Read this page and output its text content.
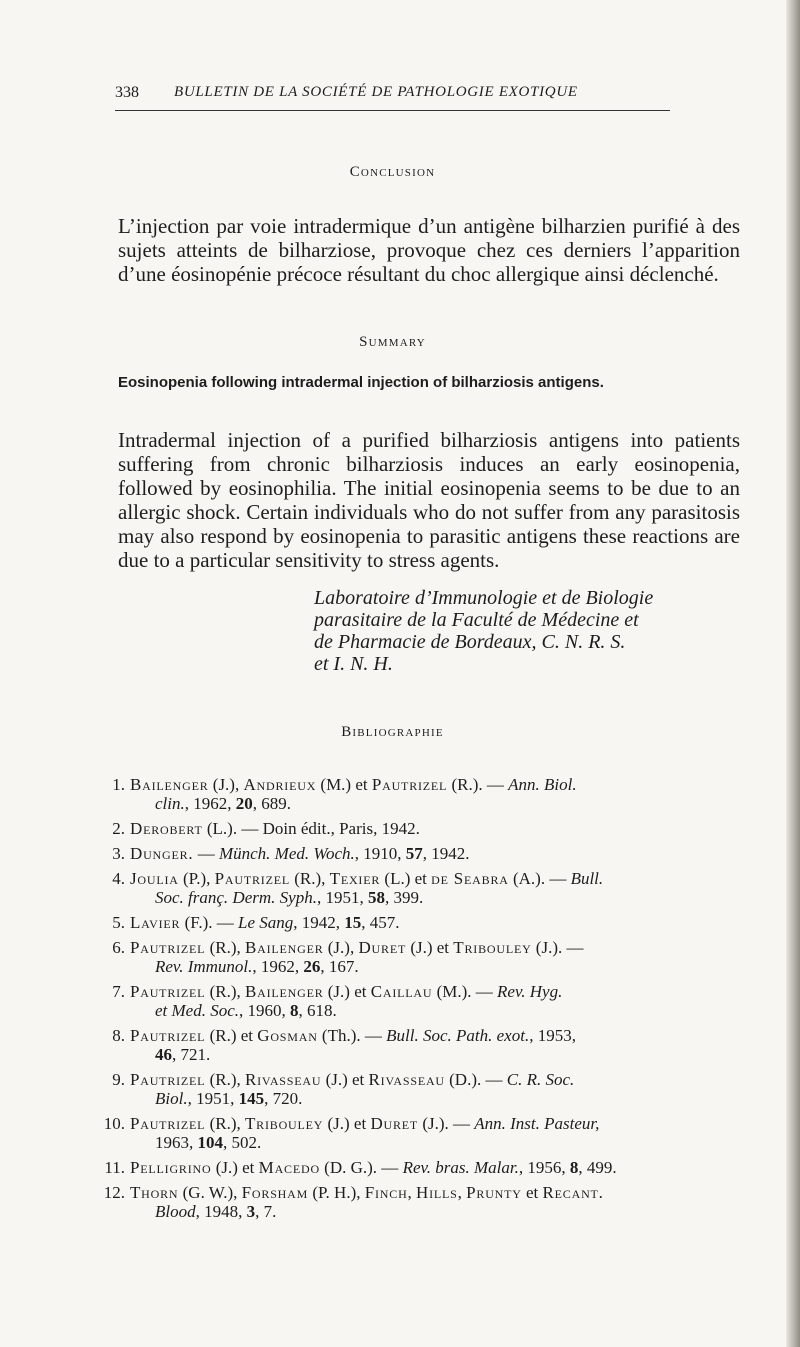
338 BULLETIN DE LA SOCIÉTÉ DE PATHOLOGIE EXOTIQUE
Conclusion

L’injection par voie intradermique d’un antigène bilharzien purifié à des sujets atteints de bilharziose, provoque chez ces derniers l’apparition d’une éosinopénie précoce résultant du choc allergique ainsi déclenché.

Summary

Eosinopenia following intradermal injection of bilharziosis antigens.

Intradermal injection of a purified bilharziosis antigens into patients suffering from chronic bilharziosis induces an early eosinopenia, followed by eosinophilia. The initial eosinopenia seems to be due to an allergic shock. Certain individuals who do not suffer from any parasitosis may also respond by eosinopenia to parasitic antigens these reactions are due to a particular sensitivity to stress agents.

Laboratoire d’Immunologie et de Biologie
parasitaire de la Faculté de Médecine et
de Pharmacie de Bordeaux, C. N. R. S.
et I. N. H.
Bibliographie
1. Bailenger (J.), Andrieux (M.) et Pautrizel (R.). — Ann. Biol.
clin., 1962, 20, 689.
2. Derobert (L.). — Doin édit., Paris, 1942.
3. Dunger. — Münch. Med. Woch., 1910, 57, 1942.
4. Joulia (P.), Pautrizel (R.), Texier (L.) et de Seabra (A.). — Bull.
Soc. franç. Derm. Syph., 1951, 58, 399.
5. Lavier (F.). — Le Sang, 1942, 15, 457.
6. Pautrizel (R.), Bailenger (J.), Duret (J.) et Tribouley (J.). —
Rev. Immunol., 1962, 26, 167.
7. Pautrizel (R.), Bailenger (J.) et Caillau (M.). — Rev. Hyg.
et Med. Soc., 1960, 8, 618.
8. Pautrizel (R.) et Gosman (Th.). — Bull. Soc. Path. exot., 1953,
46, 721.
9. Pautrizel (R.), Rivasseau (J.) et Rivasseau (D.). — C. R. Soc.
Biol., 1951, 145, 720.
10. Pautrizel (R.), Tribouley (J.) et Duret (J.). — Ann. Inst. Pasteur,
1963, 104, 502.
11. Pelligrino (J.) et Macedo (D. G.). — Rev. bras. Malar., 1956, 8, 499.
12. Thorn (G. W.), Forsham (P. H.), Finch, Hills, Prunty et Recant.
Blood, 1948, 3, 7.
